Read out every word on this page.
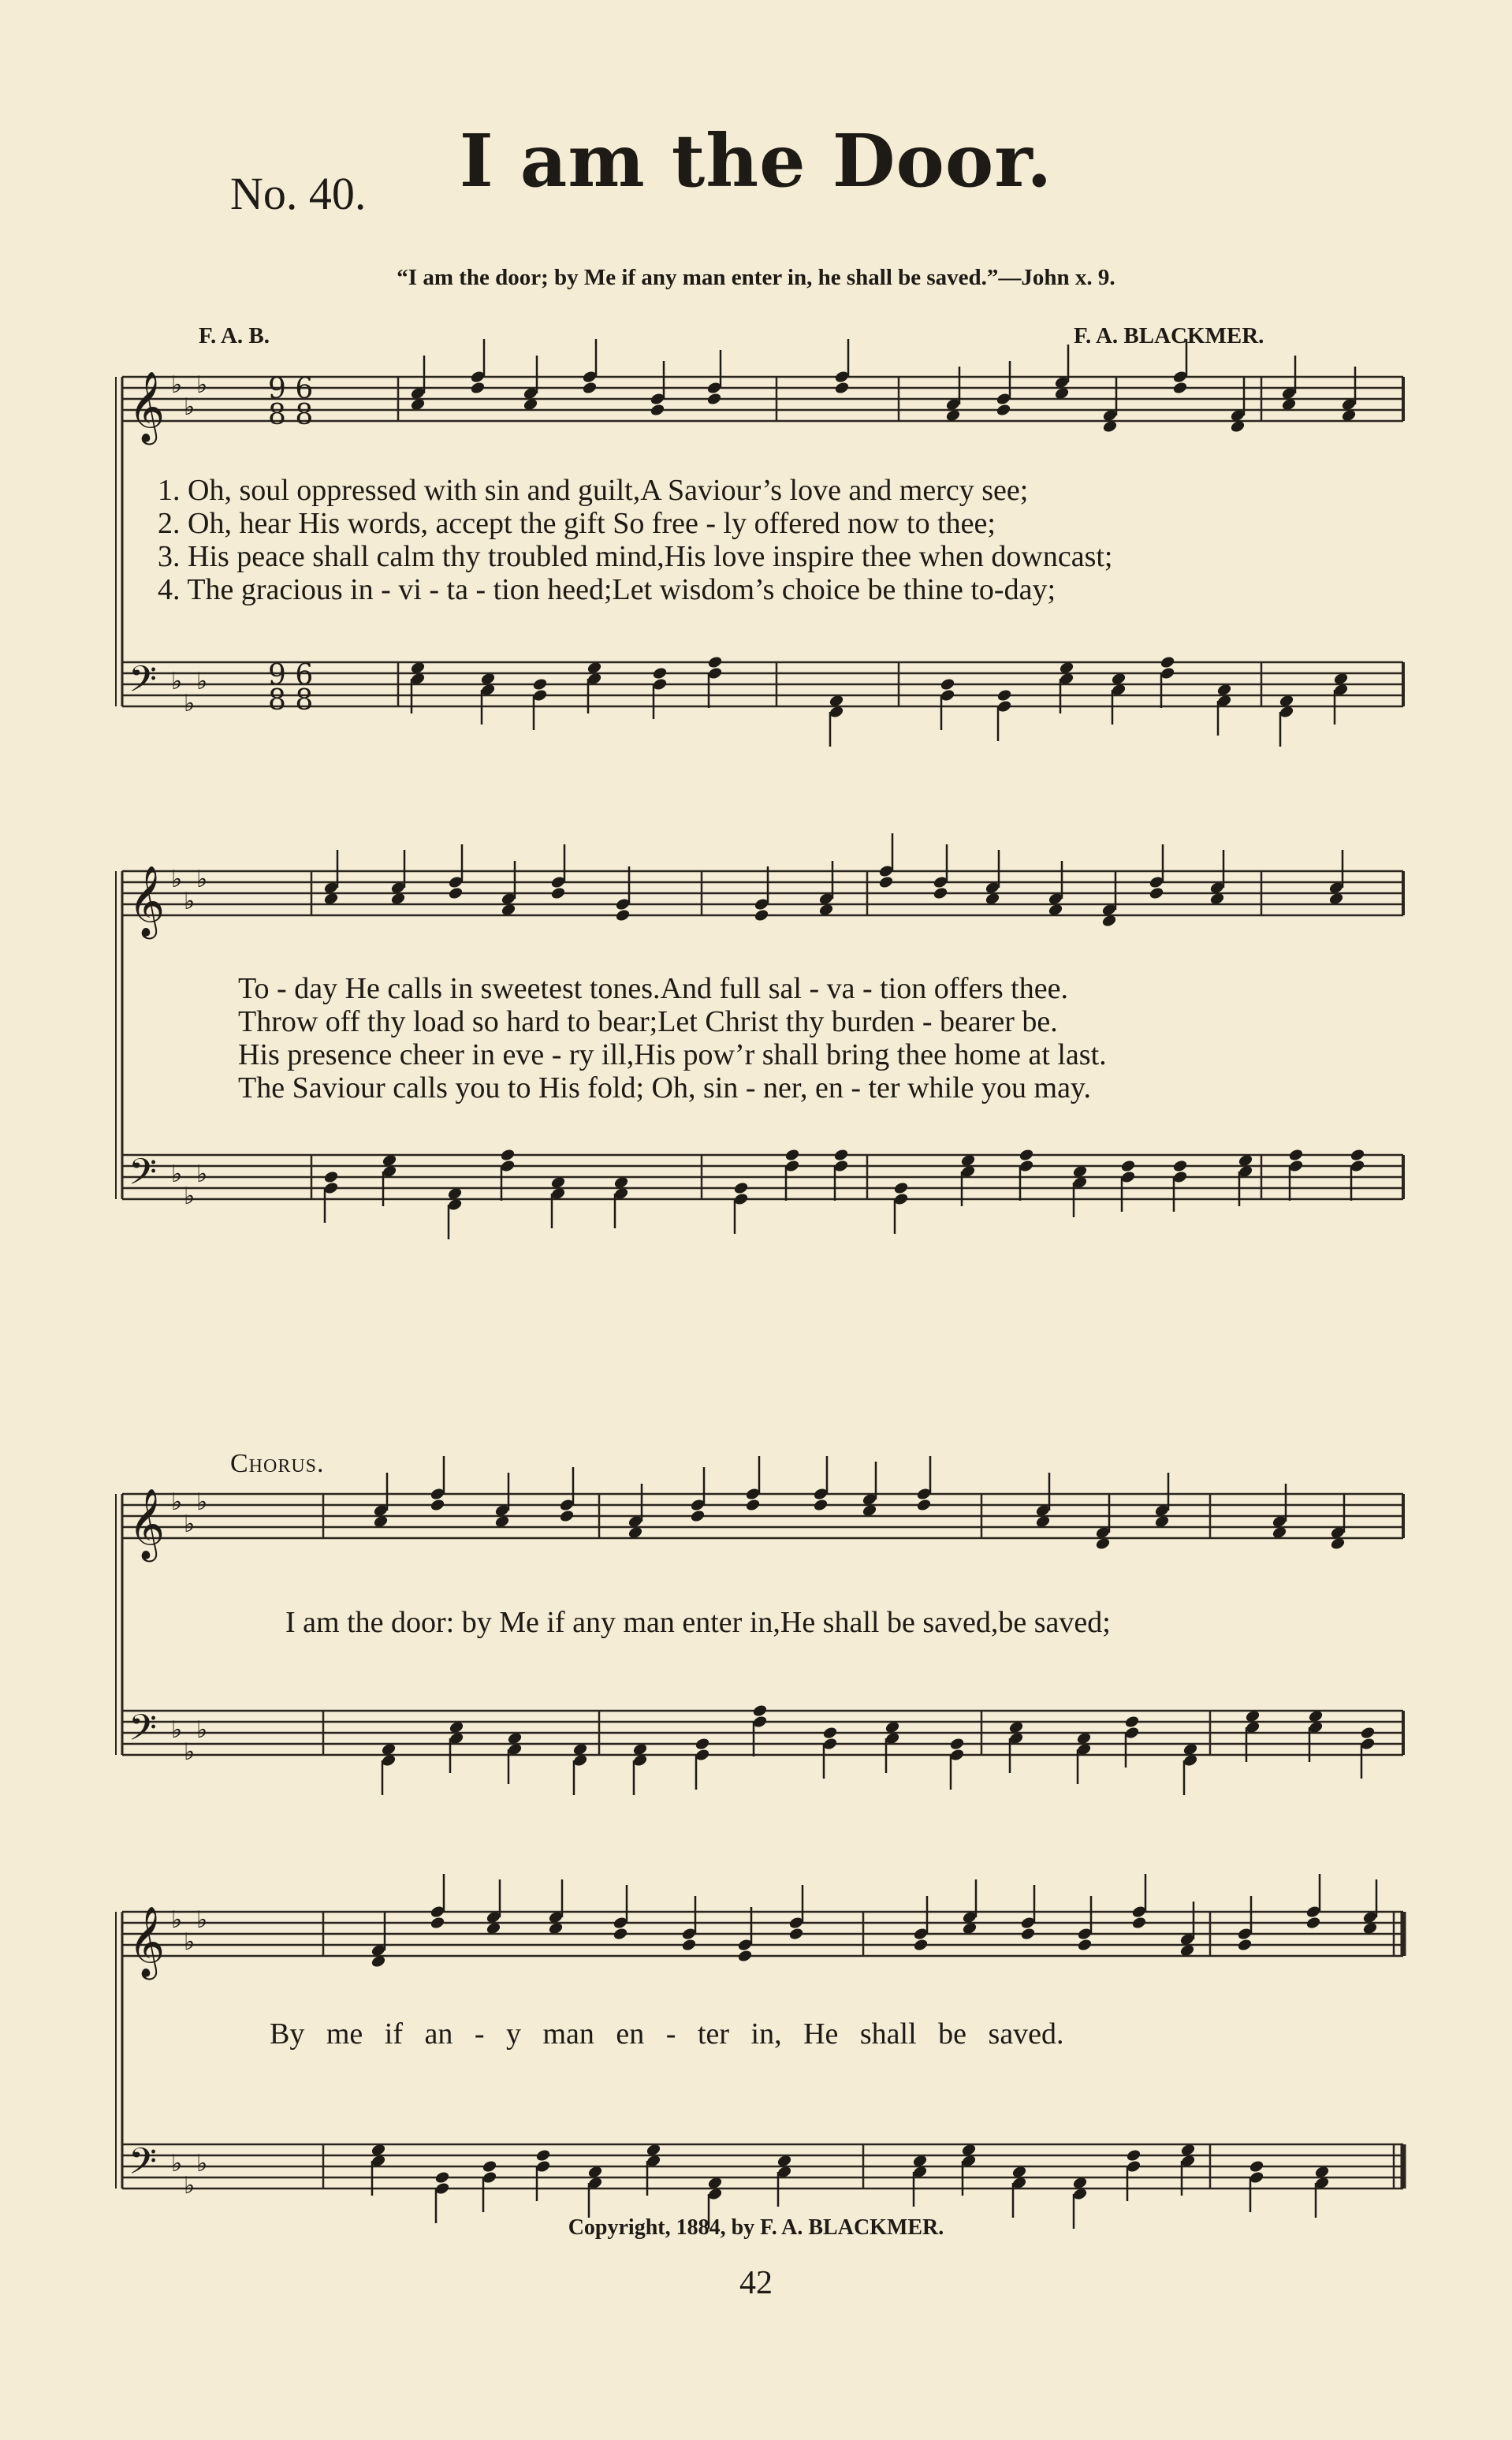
I am the Door.
No. 40.
“I am the door; by Me if any man enter in, he shall be saved.”—John x. 9.
F. A. B.	F. A. BLACKMER.
𝄞 ♭
♭
♭
𝄢 ♭
♭
♭
𝄞 ♭
♭
♭
𝄢 ♭
♭
♭
𝄞 ♭
♭
♭
𝄢 ♭
♭
♭
𝄞 ♭
♭
♭
𝄢 ♭
♭
♭
9 6
8 8
9 6
8 8
1. Oh, soul oppressed with sin and guilt,A Saviour’s love and mercy see;
2. Oh, hear His words, accept the gift So free - ly offered now to thee;
3. His peace shall calm thy troubled mind,His love inspire thee when downcast;
4. The gracious in - vi - ta - tion heed;Let wisdom’s choice be thine to-day;
To - day He calls in sweetest tones.And full sal - va - tion offers thee.
Throw off thy load so hard to bear;Let Christ thy burden - bearer be.
His presence cheer in eve - ry ill,His pow’r shall bring thee home at last.
The Saviour calls you to His fold; Oh, sin - ner, en - ter while you may.
Chorus.
I am the door: by Me if any man enter in,He shall be saved,be saved;
By me if an - y man en - ter in, He shall be saved.
Copyright, 1884, by F. A. BLACKMER.
42
